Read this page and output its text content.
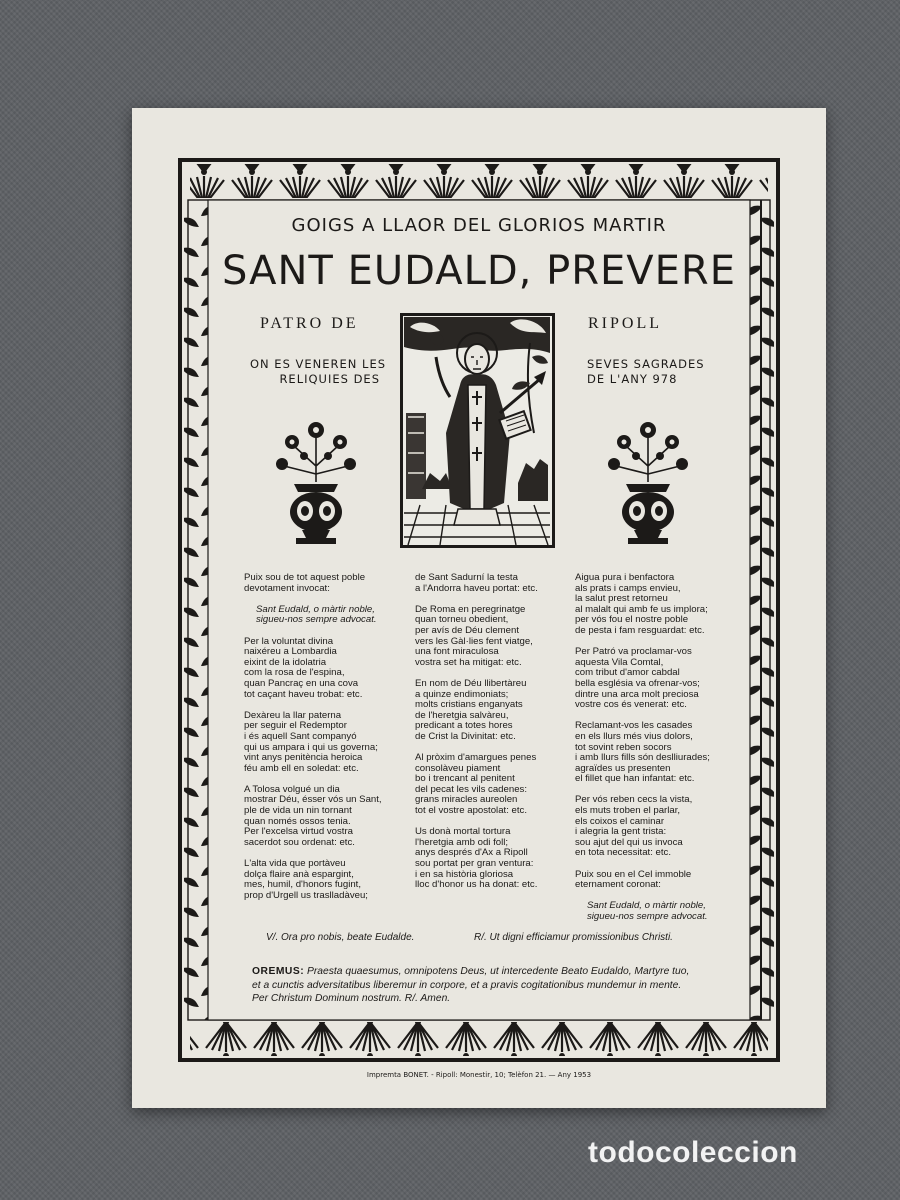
GOIGS A LLAOR DEL GLORIOS MARTIR
SANT EUDALD, PREVERE
PATRO DE	RIPOLL
ON ES VENEREN LES
RELIQUIES DES
SEVES SAGRADES
DE L'ANY 978
Puix sou de tot aquest poble
devotament invocat:
Sant Eudald, o màrtir noble,
sigueu-nos sempre advocat.
Per la voluntat divina
naixéreu a Lombardia
eixint de la idolatria
com la rosa de l'espina,
quan Pancraç en una cova
tot caçant haveu trobat: etc.
Dexàreu la llar paterna
per seguir el Redemptor
i és aquell Sant companyó
qui us ampara i qui us governa;
vint anys penitència heroica
féu amb ell en soledat: etc.
A Tolosa volgué un dia
mostrar Déu, ésser vós un Sant,
ple de vida un nin tornant
quan només ossos tenia.
Per l'excelsa virtud vostra
sacerdot sou ordenat: etc.
L'alta vida que portàveu
dolça flaire anà espargint,
mes, humil, d'honors fugint,
prop d'Urgell us traslladàveu;
de Sant Sadurní la testa
a l'Andorra haveu portat: etc.
De Roma en peregrinatge
quan torneu obedient,
per avís de Déu clement
vers les Gàl·lies fent viatge,
una font miraculosa
vostra set ha mitigat: etc.
En nom de Déu llibertàreu
a quinze endimoniats;
molts cristians enganyats
de l'heretgia salvàreu,
predicant a totes hores
de Crist la Divinitat: etc.
Al pròxim d'amargues penes
consolàveu piament
bo i trencant al penitent
del pecat les vils cadenes:
grans miracles aureolen
tot el vostre apostolat: etc.
Us donà mortal tortura
l'heretgia amb odi foll;
anys després d'Ax a Ripoll
sou portat per gran ventura:
i en sa història gloriosa
lloc d'honor us ha donat: etc.
Aigua pura i benfactora
als prats i camps envieu,
la salut prest retorneu
al malalt qui amb fe us implora;
per vós fou el nostre poble
de pesta i fam resguardat: etc.
Per Patró va proclamar-vos
aquesta Vila Comtal,
com tribut d'amor cabdal
bella església va ofrenar-vos;
dintre una arca molt preciosa
vostre cos és venerat: etc.
Reclamant-vos les casades
en els llurs més vius dolors,
tot sovint reben socors
i amb llurs fills són deslliurades;
agraïdes us presenten
el fillet que han infantat: etc.
Per vós reben cecs la vista,
els muts troben el parlar,
els coixos el caminar
i alegria la gent trista:
sou ajut del qui us invoca
en tota necessitat: etc.
Puix sou en el Cel immoble
eternament coronat:
Sant Eudald, o màrtir noble,
sigueu-nos sempre advocat.
V/. Ora pro nobis, beate Eudalde.	R/. Ut digni efficiamur promissionibus Christi.
OREMUS: Praesta quaesumus, omnipotens Deus, ut intercedente Beato Eudaldo, Martyre tuo,
et a cunctis adversitatibus liberemur in corpore, et a pravis cogitationibus mundemur in mente.
Per Christum Dominum nostrum. R/. Amen.
Impremta BONET. - Ripoll: Monestir, 10; Telèfon 21. — Any 1953
todocoleccion
